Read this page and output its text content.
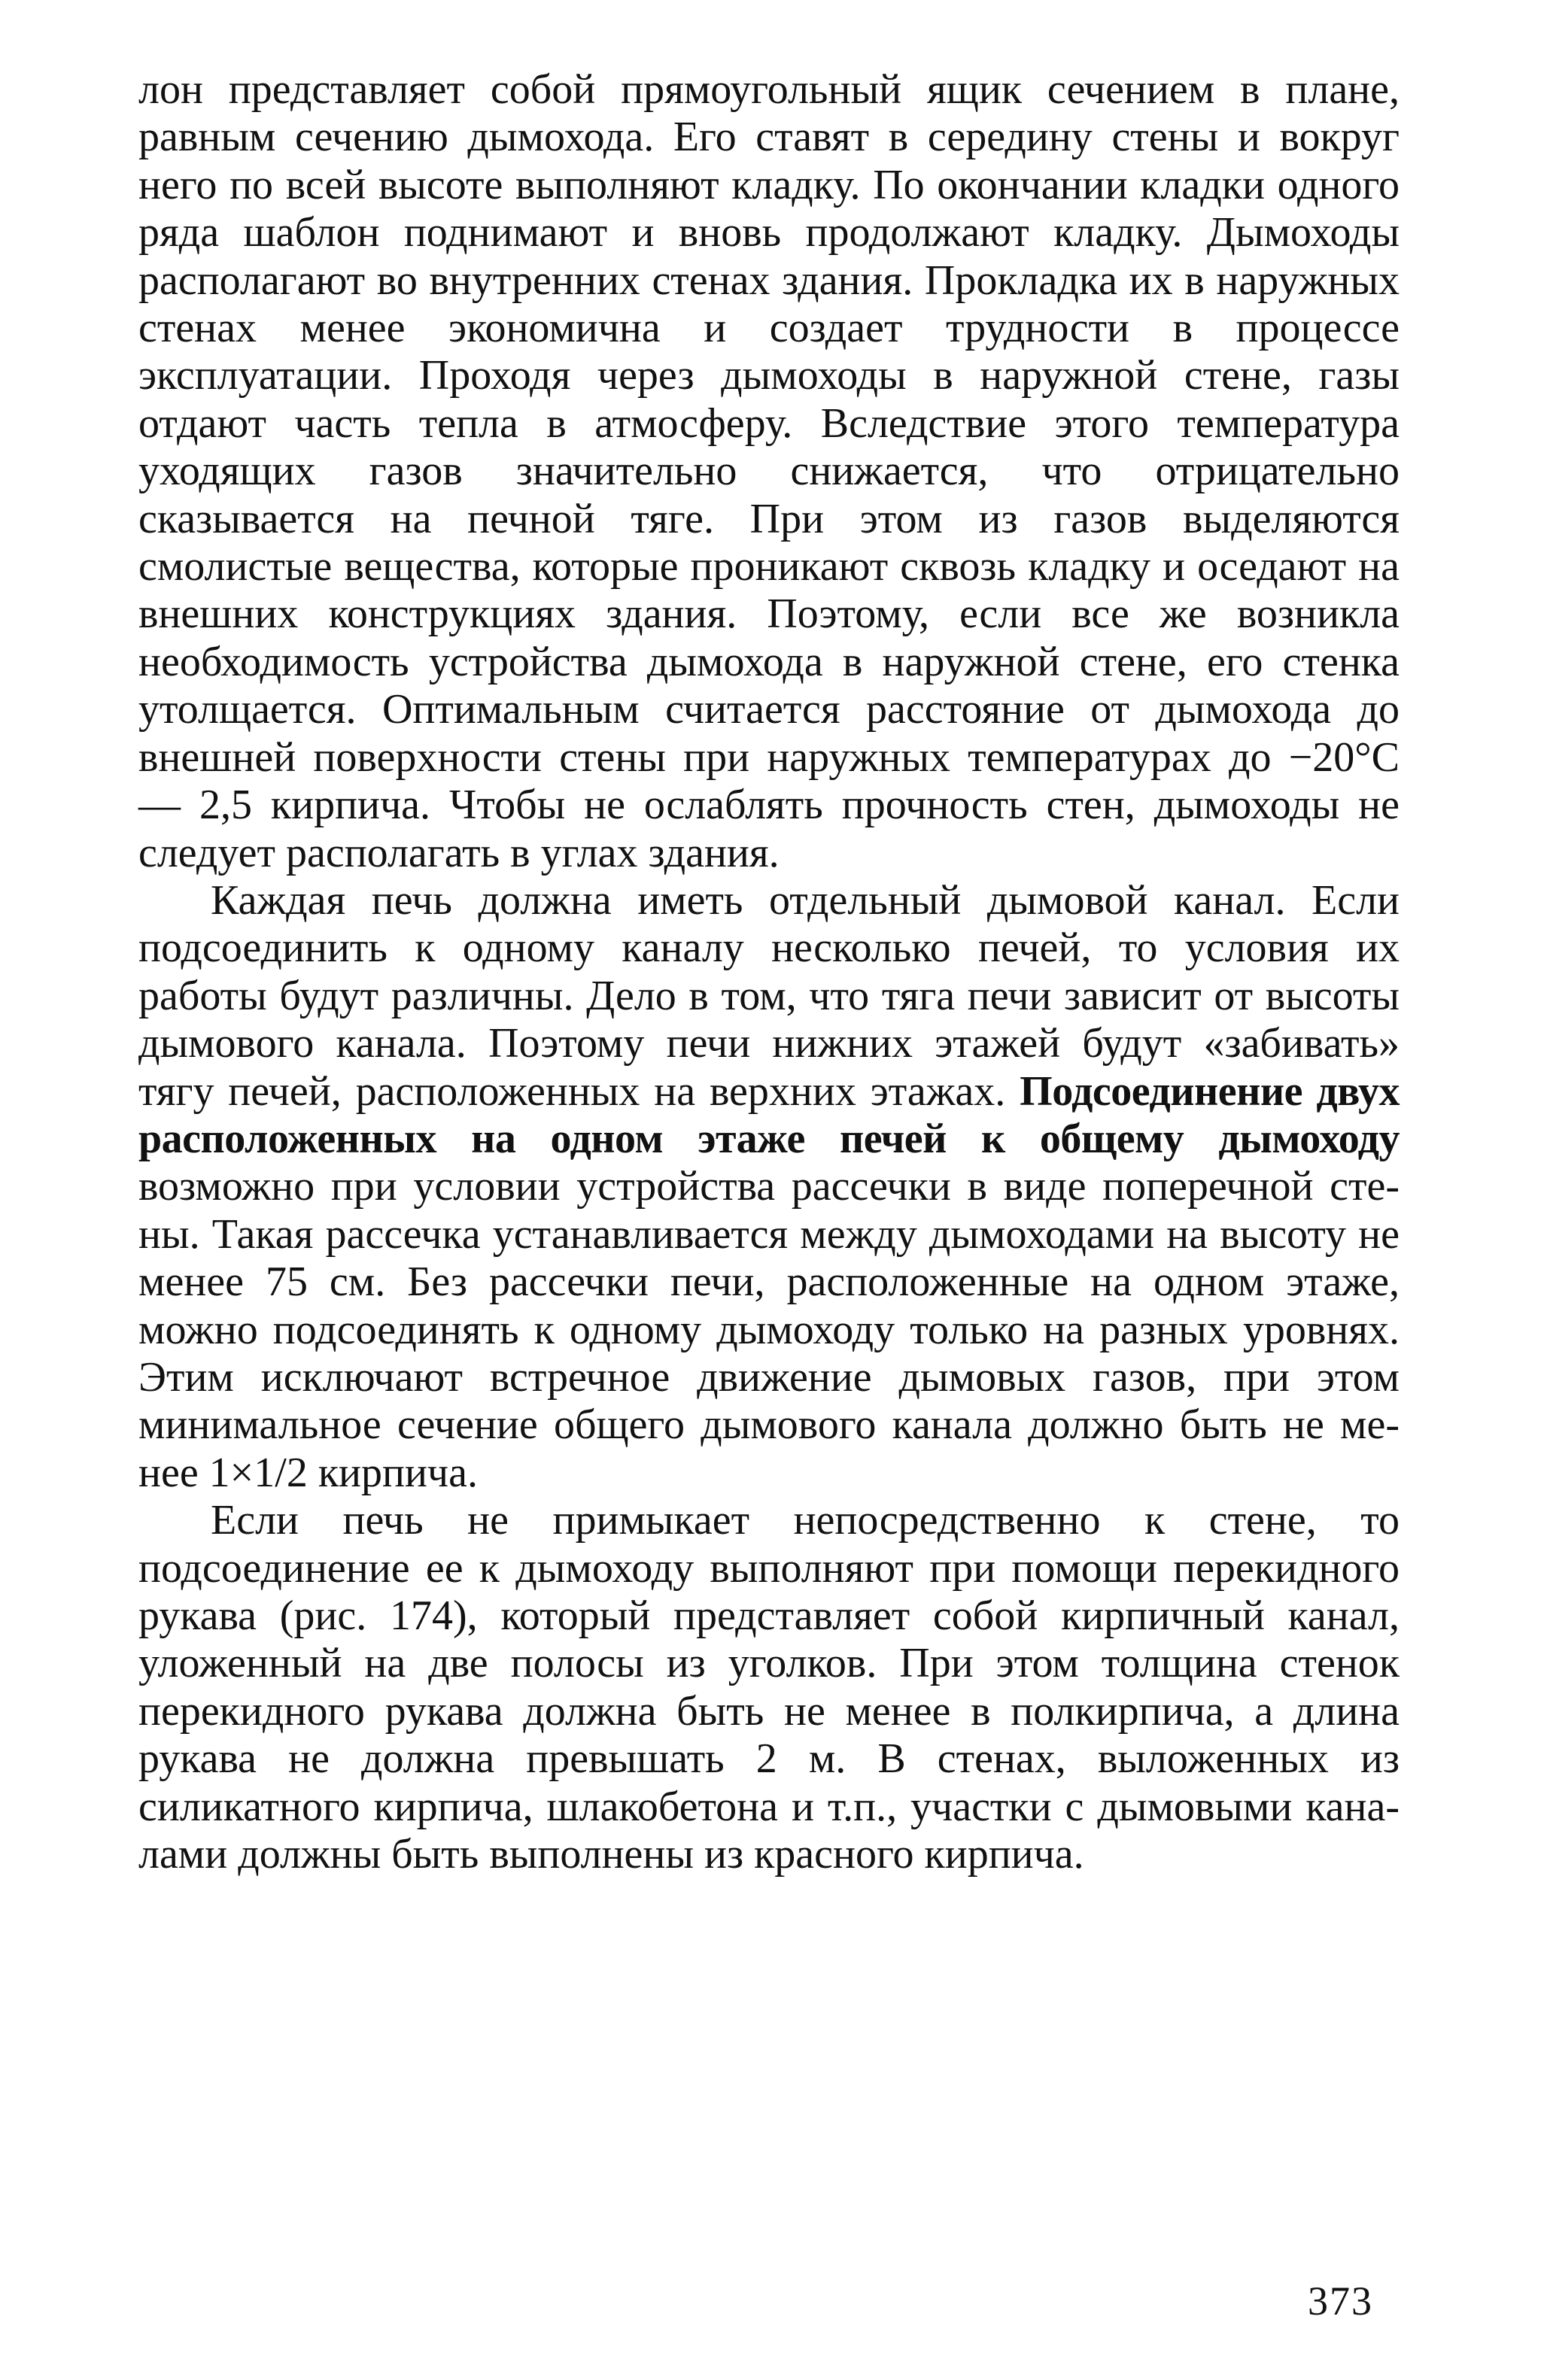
лон представляет собой прямоугольный ящик сечением в плане, равным сечению дымохода. Его ставят в середину стены и вокруг него по всей высоте выполняют кладку. По окончании кладки одного ряда шаблон поднимают и вновь продолжают кладку. Дымоходы располагают во внутренних стенах здания. Прокладка их в наружных стенах менее экономична и создает трудности в процессе эксплуатации. Проходя через дымоходы в наружной стене, газы отдают часть тепла в атмосферу. Вследствие этого температура уходящих газов значительно снижается, что отрицательно сказывается на печной тяге. При этом из газов выделяются смолистые вещества, которые проникают сквозь кладку и оседают на внешних конструкциях здания. Поэтому, если все же возникла необходимость устройства дымохода в наружной стене, его стенка утолщается. Оптимальным считается расстояние от дымохода до внешней поверхности стены при наружных температурах до −20°С — 2,5 кирпича. Чтобы не ослаблять прочность стен, дымоходы не следует располагать в углах здания.

Каждая печь должна иметь отдельный дымовой канал. Если подсоединить к одному каналу несколько печей, то условия их работы будут различны. Дело в том, что тяга печи зависит от высоты дымового канала. Поэтому печи нижних этажей будут «забивать» тягу печей, расположенных на верхних этажах. Подсоединение двух расположенных на одном этаже печей к общему дымоходу возможно при условии устройства рассечки в виде поперечной стены. Такая рассечка устанавливается между дымоходами на высоту не менее 75 см. Без рассечки печи, расположенные на одном этаже, можно подсоединять к одному дымоходу только на разных уровнях. Этим исключают встречное движение дымовых газов, при этом минимальное сечение общего дымового канала должно быть не менее 1×1/2 кирпича.

Если печь не примыкает непосредственно к стене, то подсоединение ее к дымоходу выполняют при помощи перекидного рукава (рис. 174), который представляет собой кирпичный канал, уложенный на две полосы из уголков. При этом толщина стенок перекидного рукава должна быть не менее в полкирпича, а длина рукава не должна превышать 2 м. В стенах, выложенных из силикатного кирпича, шлакобетона и т.п., участки с дымовыми каналами должны быть выполнены из красного кирпича.

373
